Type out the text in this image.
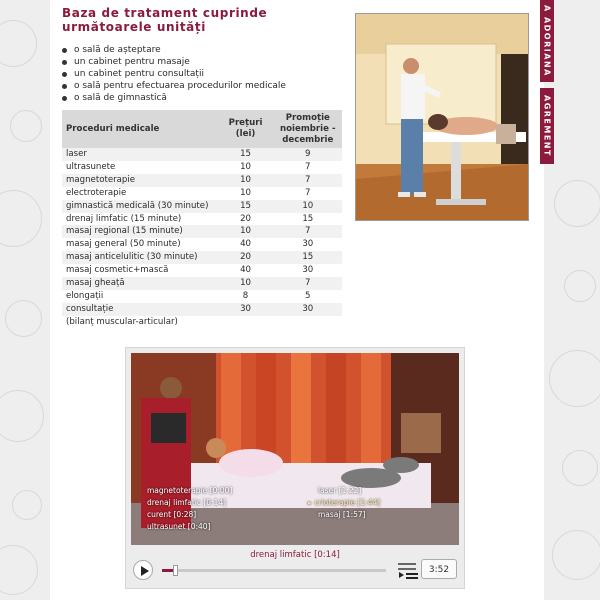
Baza de tratament cuprinde următoarele unități
o sală de așteptare
un cabinet pentru masaje
un cabinet pentru consultații
o sală pentru efectuarea procedurilor medicale
o sală de gimnastică
Proceduri medicale	Prețuri (lei)	Promoție noiembrie - decembrie
laser	15	9
ultrasunete	10	7
magnetoterapie	10	7
electroterapie	10	7
gimnastică medicală (30 minute)	15	10
drenaj limfatic (15 minute)	20	15
masaj regional (15 minute)	10	7
masaj general (50 minute)	40	30
masaj anticelulitic (30 minute)	20	15
masaj cosmetic+mască	40	30
masaj gheață	10	7
elongații	8	5
consultație	30	30
(bilanț muscular-articular)		
A ADORIANA
AGREMENT
magnetoterapie [0:00]
drenaj limfatic [0:14]
curent [0:28]
ultrasunet [0:40]
laser [1:22]
▸ crioterapie [1:44]
masaj [1:57]
drenaj limfatic [0:14]
3:52
